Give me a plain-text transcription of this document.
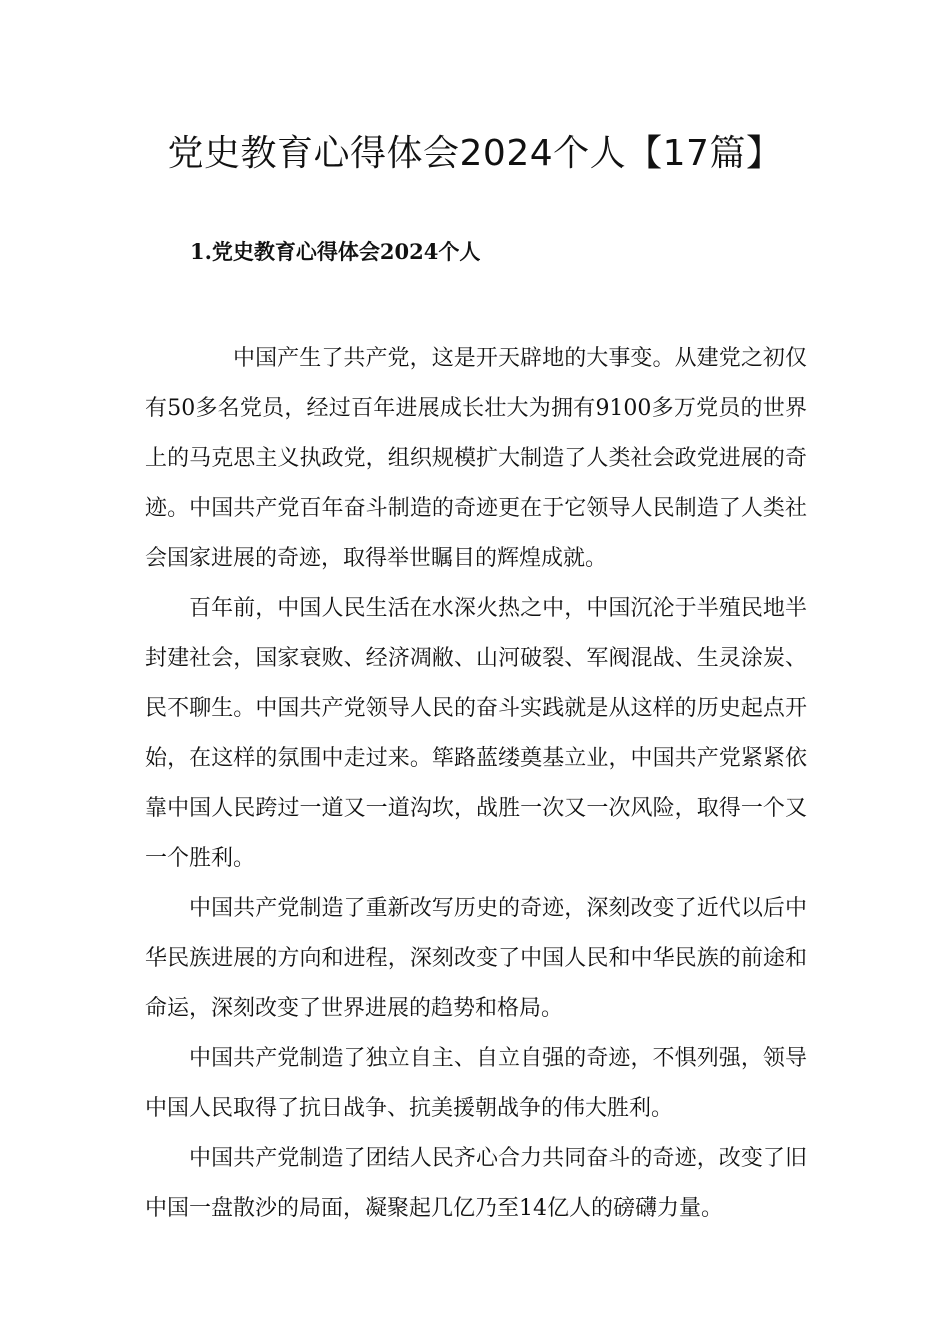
党史教育心得体会2024个人【17篇】
1.党史教育心得体会2024个人

中国产生了共产党，这是开天辟地的大事变。从建党之初仅有50多名党员，经过百年进展成长壮大为拥有9100多万党员的世界上的马克思主义执政党，组织规模扩大制造了人类社会政党进展的奇迹。中国共产党百年奋斗制造的奇迹更在于它领导人民制造了人类社会国家进展的奇迹，取得举世瞩目的辉煌成就。

百年前，中国人民生活在水深火热之中，中国沉沦于半殖民地半封建社会，国家衰败、经济凋敝、山河破裂、军阀混战、生灵涂炭、民不聊生。中国共产党领导人民的奋斗实践就是从这样的历史起点开始，在这样的氛围中走过来。筚路蓝缕奠基立业，中国共产党紧紧依靠中国人民跨过一道又一道沟坎，战胜一次又一次风险，取得一个又一个胜利。

中国共产党制造了重新改写历史的奇迹，深刻改变了近代以后中华民族进展的方向和进程，深刻改变了中国人民和中华民族的前途和命运，深刻改变了世界进展的趋势和格局。

中国共产党制造了独立自主、自立自强的奇迹，不惧列强，领导中国人民取得了抗日战争、抗美援朝战争的伟大胜利。

中国共产党制造了团结人民齐心合力共同奋斗的奇迹，改变了旧中国一盘散沙的局面，凝聚起几亿乃至14亿人的磅礴力量。
